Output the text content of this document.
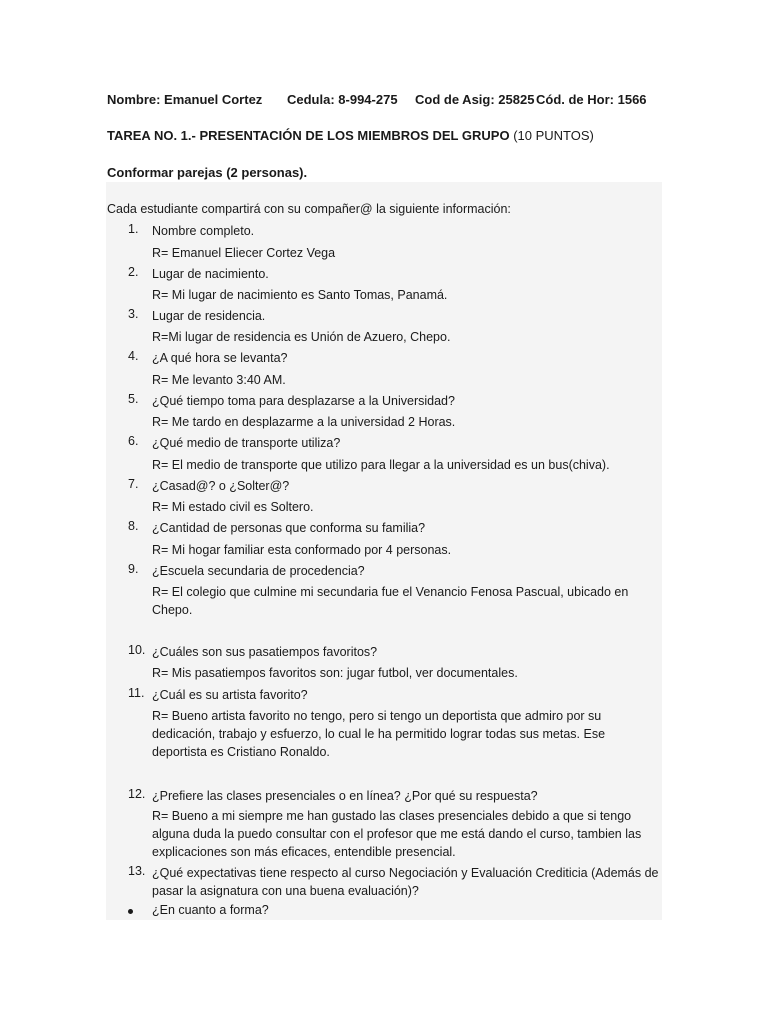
Nombre: Emanuel Cortez Cedula: 8-994-275 Cod de Asig: 25825 Cód. de Hor: 1566
TAREA NO. 1.- PRESENTACIÓN DE LOS MIEMBROS DEL GRUPO (10 PUNTOS)
Conformar parejas (2 personas).
Cada estudiante compartirá con su compañer@ la siguiente información:
1.	Nombre completo.
R= Emanuel Eliecer Cortez Vega
2.	Lugar de nacimiento.
R= Mi lugar de nacimiento es Santo Tomas, Panamá.
3.	Lugar de residencia.
R=Mi lugar de residencia es Unión de Azuero, Chepo.
4.	¿A qué hora se levanta?
R= Me levanto 3:40 AM.
5.	¿Qué tiempo toma para desplazarse a la Universidad?
R= Me tardo en desplazarme a la universidad 2 Horas.
6.	¿Qué medio de transporte utiliza?
R= El medio de transporte que utilizo para llegar a la universidad es un bus(chiva).
7.	¿Casad@? o ¿Solter@?
R= Mi estado civil es Soltero.
8.	¿Cantidad de personas que conforma su familia?
R= Mi hogar familiar esta conformado por 4 personas.
9.	¿Escuela secundaria de procedencia?
R= El colegio que culmine mi secundaria fue el Venancio Fenosa Pascual, ubicado en Chepo.
10. ¿Cuáles son sus pasatiempos favoritos?
R= Mis pasatiempos favoritos son: jugar futbol, ver documentales.
11. ¿Cuál es su artista favorito?
R= Bueno artista favorito no tengo, pero si tengo un deportista que admiro por su dedicación, trabajo y esfuerzo, lo cual le ha permitido lograr todas sus metas. Ese deportista es Cristiano Ronaldo.
12. ¿Prefiere las clases presenciales o en línea? ¿Por qué su respuesta?
R= Bueno a mi siempre me han gustado las clases presenciales debido a que si tengo alguna duda la puedo consultar con el profesor que me está dando el curso, tambien las explicaciones son más eficaces, entendible presencial.
13. ¿Qué expectativas tiene respecto al curso Negociación y Evaluación Crediticia (Además de pasar la asignatura con una buena evaluación)?
¿En cuanto a forma?
